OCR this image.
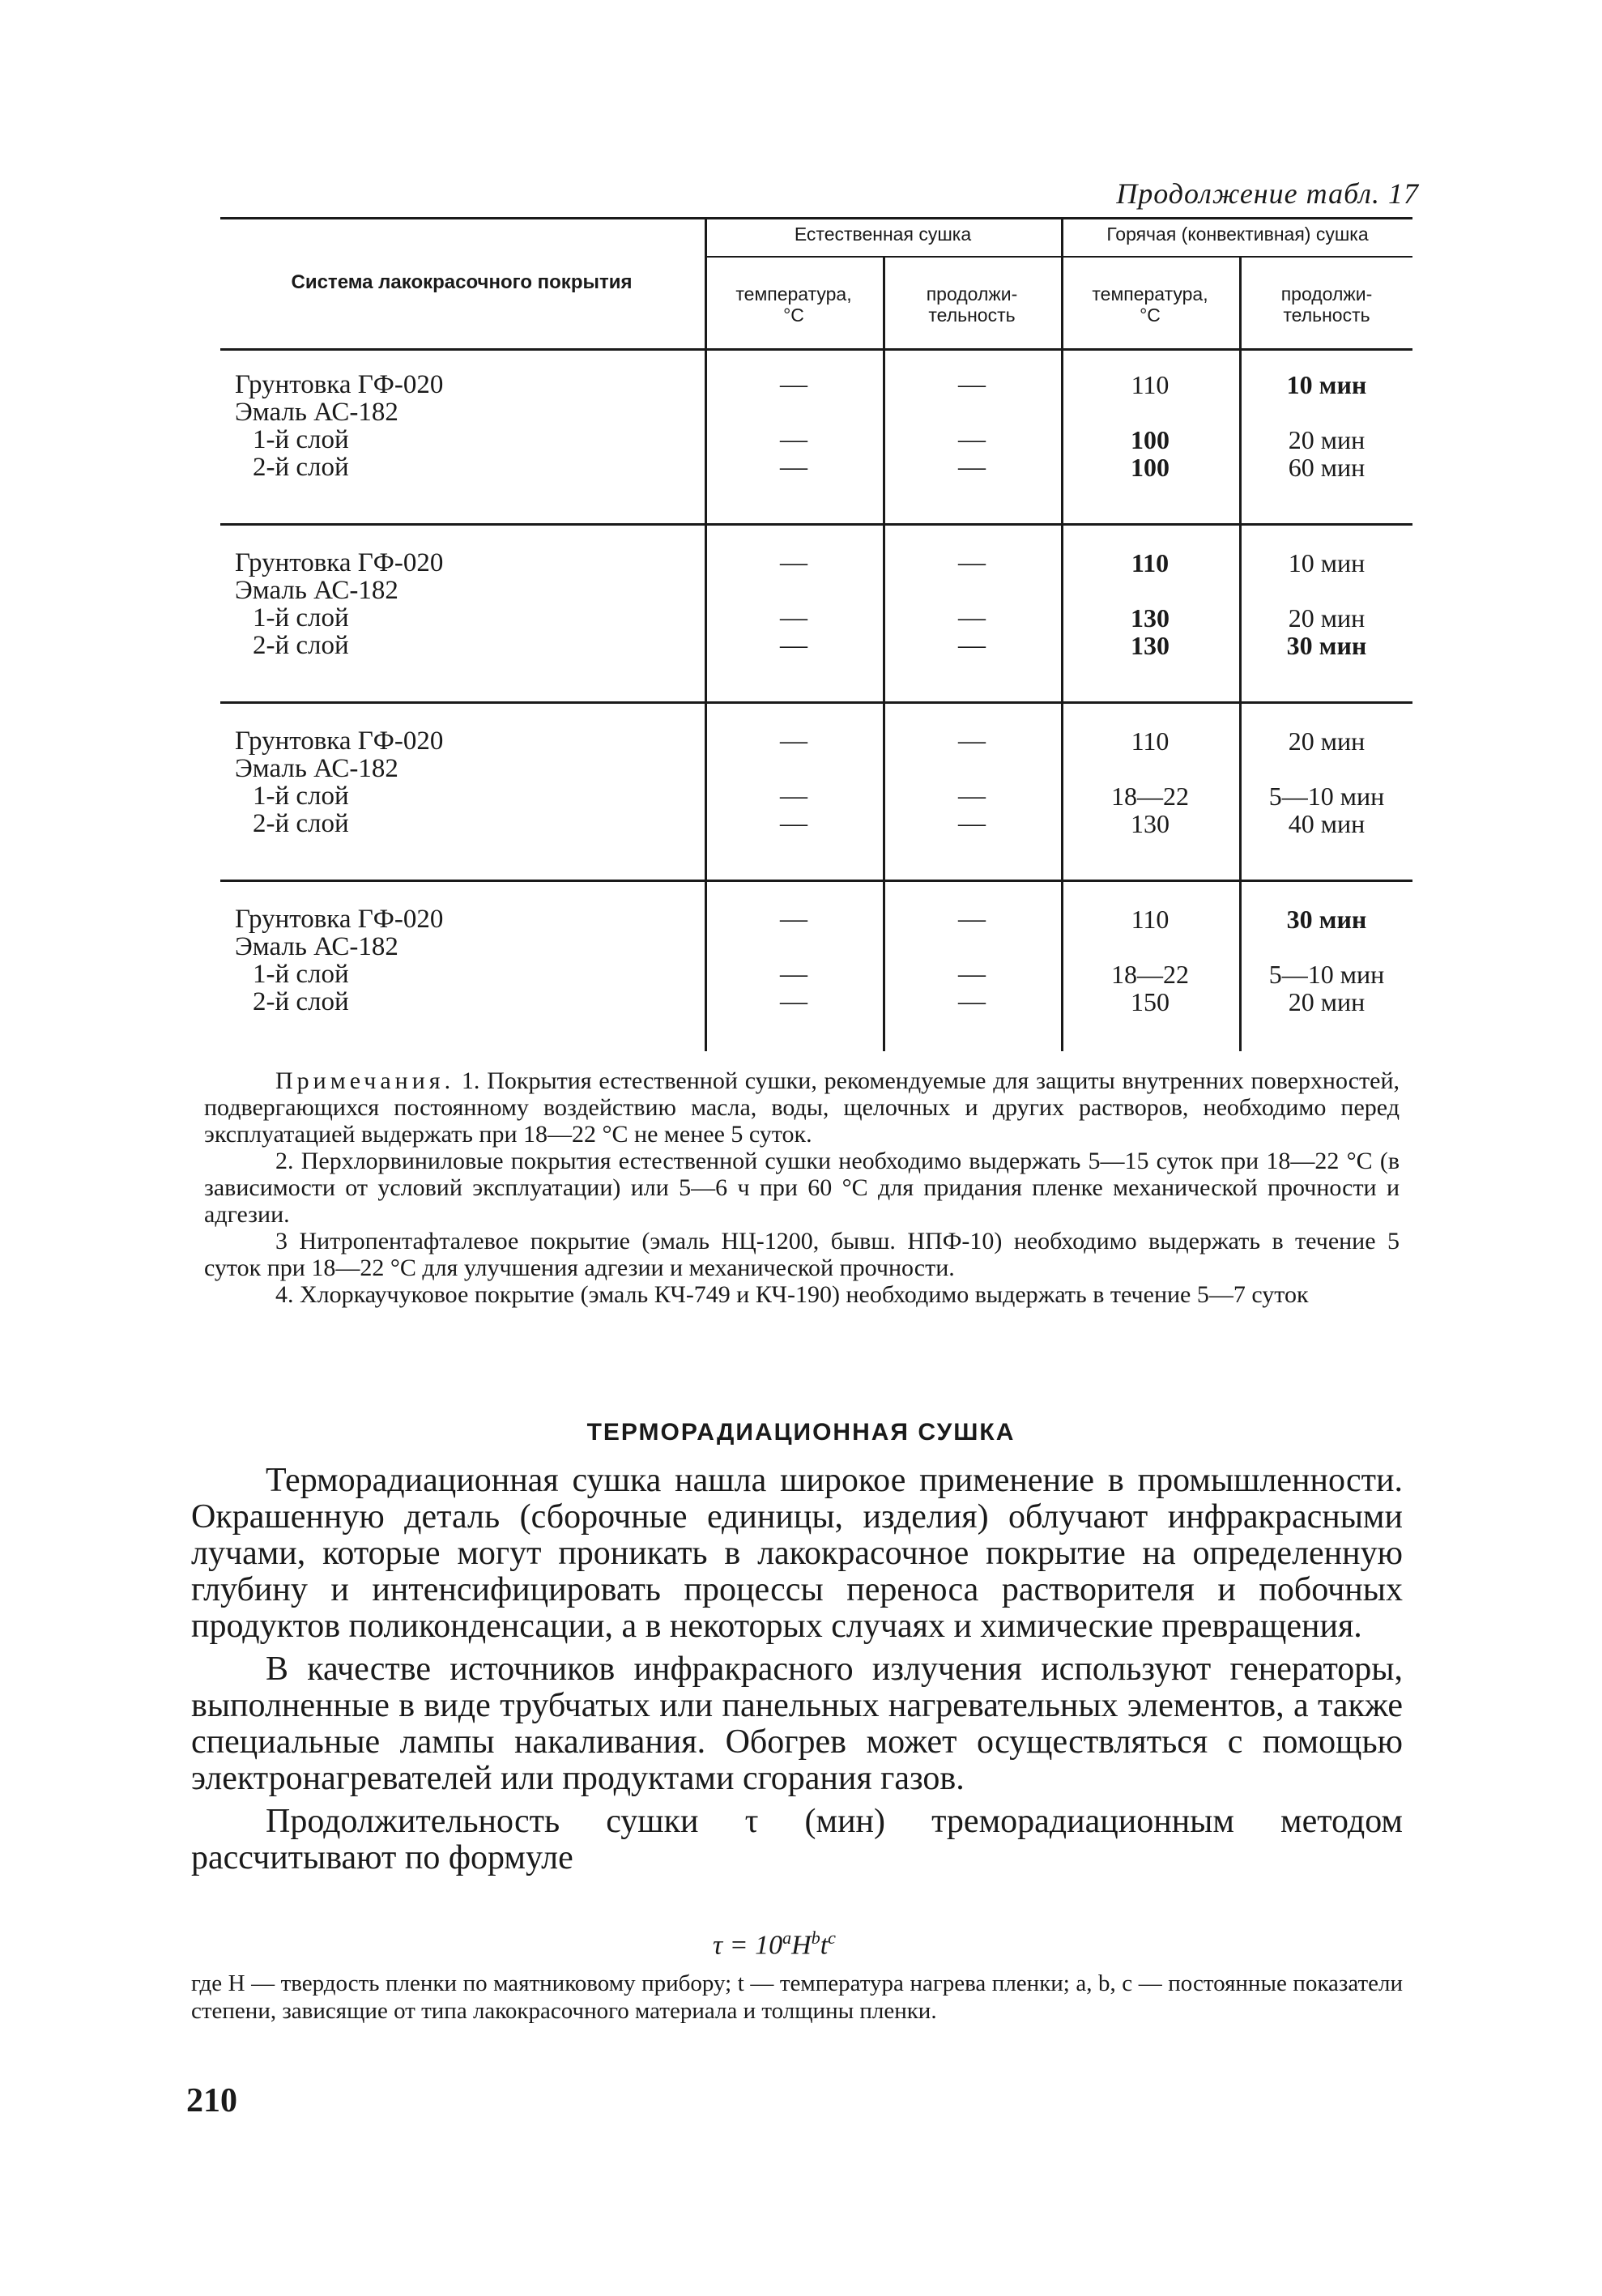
Продолжение табл. 17
Система лакокрасочного покрытия
Естественная сушка	Горячая (конвективная) сушка
температура,
°С
продолжи-
тельность
температура,
°С
продолжи-
тельность
Грунтовка ГФ-020
Эмаль АС-182
1-й слой
2-й слой
—
—
—
—
—
—
110
100
100
10 мин
20 мин
60 мин
Грунтовка ГФ-020
Эмаль АС-182
1-й слой
2-й слой
—
—
—
—
—
—
110
130
130
10 мин
20 мин
30 мин
Грунтовка ГФ-020
Эмаль АС-182
1-й слой
2-й слой
—
—
—
—
—
—
110
18—22
130
20 мин
5—10 мин
40 мин
Грунтовка ГФ-020
Эмаль АС-182
1-й слой
2-й слой
—
—
—
—
—
—
110
18—22
150
30 мин
5—10 мин
20 мин

Примечания. 1. Покрытия естественной сушки, рекомендуемые для защиты внутренних поверхностей, подвергающихся постоянному воздействию масла, воды, щелочных и других растворов, необходимо перед эксплуатацией выдержать при 18—22 °С не менее 5 суток.

2. Перхлорвиниловые покрытия естественной сушки необходимо выдержать 5—15 суток при 18—22 °С (в зависимости от условий эксплуатации) или 5—6 ч при 60 °С для придания пленке механической прочности и адгезии.

3 Нитропентафталевое покрытие (эмаль НЦ-1200, бывш. НПФ-10) необходимо выдержать в течение 5 суток при 18—22 °С для улучшения адгезии и механической прочности.

4. Хлоркаучуковое покрытие (эмаль КЧ-749 и КЧ-190) необходимо выдержать в течение 5—7 суток

ТЕРМОРАДИАЦИОННАЯ СУШКА

Терморадиационная сушка нашла широкое применение в промышленности. Окрашенную деталь (сборочные единицы, изделия) облучают инфракрасными лучами, которые могут проникать в лакокрасочное покрытие на определенную глубину и интенсифицировать процессы переноса растворителя и побочных продуктов поликонденсации, а в некоторых случаях и химические превращения.

В качестве источников инфракрасного излучения используют генераторы, выполненные в виде трубчатых или панельных нагревательных элементов, а также специальные лампы накаливания. Обогрев может осуществляться с помощью электронагревателей или продуктами сгорания газов.

Продолжительность сушки τ (мин) треморадиационным методом рассчитывают по формуле

$\tau = 10^aH^bt^c$
где H — твердость пленки по маятниковому прибору; t — температура нагрева пленки; a, b, c — постоянные показатели степени, зависящие от типа лакокрасочного материала и толщины пленки.
210
